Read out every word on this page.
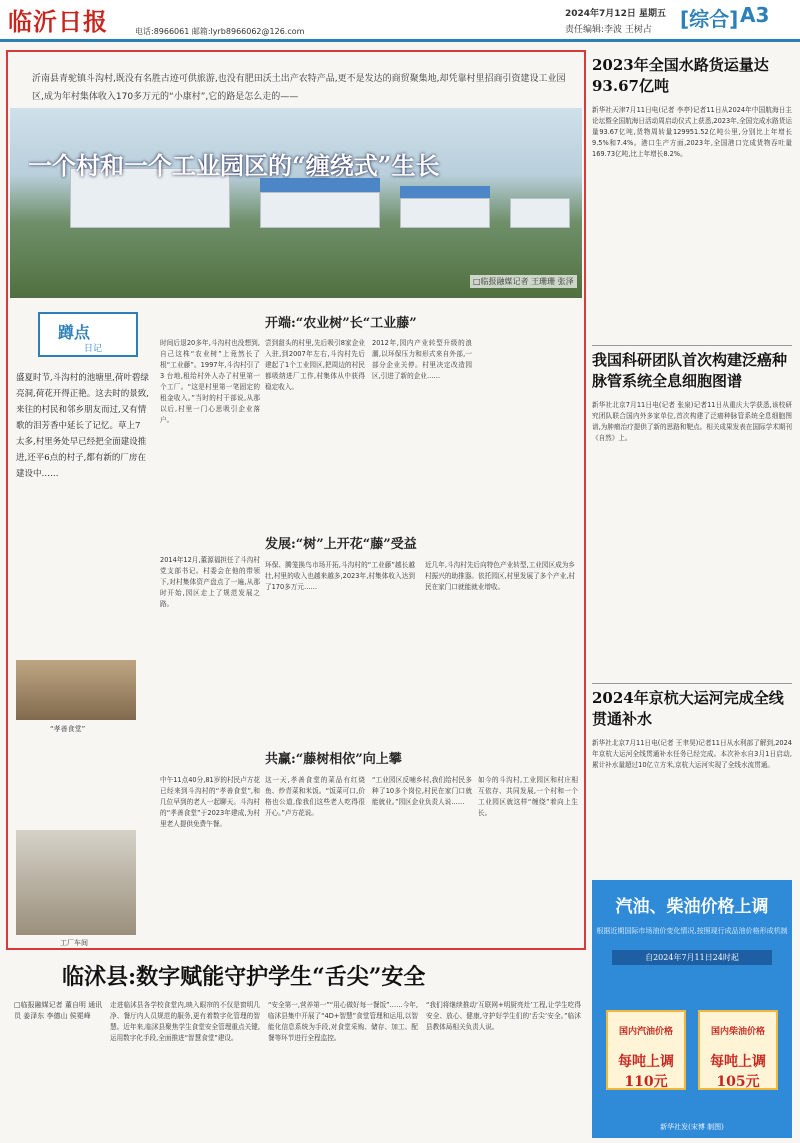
临沂日报	电话:8966061 邮箱:lyrb8966062@126.com
2024年7月12日 星期五
责任编辑:李波 王树占 [综合] A3
沂南县青驼镇斗沟村,既没有名胜古迹可供旅游,也没有肥田沃土出产农特产品,更不是发达的商贸聚集地,却凭靠村里招商引资建设工业园区,成为年村集体收入170多万元的“小康村”,它的路是怎么走的——
一个村和一个工业园区的“缠绕式”生长
□临报融媒记者 王珊珊 张泽
蹲点
日记
盛夏时节,斗沟村的池塘里,荷叶碧绿亮洞,荷花开得正艳。这去时的景致,来往的村民和邻乡朋友而过,又有情歌的泪芳香中延长了记忆。草上7 太多,村里务处早已经把全面建设推进,还平6点的村子,都有新的厂房在建设中……
开端:“农业树”长“工业藤”
发展:“树”上开花“藤”受益
共赢:“藤树相依”向上攀
时间后退20多年,斗沟村也没想到,自己这株“农业树”上竟然长了根“工业藤”。1997年,斗沟村引了3 台地,租给村外人办了村里第一个工厂。“这是村里第一笔固定的租金收入。”当时的村干部说,从那以后,村里一门心思吸引企业落户。
尝到甜头的村里,先后吸引8家企业入驻,到2007年左右,斗沟村先后建起了1个工业园区,把周边的村民都吸纳进厂工作,村集体从中获得稳定收入。
2012年,园内产业转型升级的浪潮,以环保压力和形式来自外部,一部分企业关停。村里决定改造园区,引进了新的企业……
2014年12月,董源福担任了斗沟村党支部书记。村委会在他的带领下,对村集体资产盘点了一遍,从那时开始,园区走上了规范发展之路。
环保、腾笼换鸟市场开拓,斗沟村的“工业藤”越长越壮,村里的收入也越来越多,2023年,村集体收入达到了170多万元……
近几年,斗沟村先后向特色产业转型,工业园区成为乡村振兴的助推器。依托园区,村里发展了多个产业,村民在家门口就能就业增收。
中午11点40分,81岁的村民卢方花已经来到斗沟村的“孝善食堂”,和几位早到的老人一起聊天。斗沟村的“孝善食堂”于2023年建成,为村里老人提供免费午餐。
这一天,孝善食堂的菜品有红烧鱼、炒青菜和米饭。“饭菜可口,价格也公道,像我们这些老人吃得很开心。”卢方花说。
“工业园区反哺乡村,我们给村民多种了10多个岗位,村民在家门口就能就业。”园区企业负责人说……
如今的斗沟村,工业园区和村庄相互依存、共同发展,一个村和一个工业园区就这样“缠绕”着向上生长。
“孝善食堂”
工厂车间
2023年全国水路货运量达93.67亿吨
新华社天津7月11日电(记者 李亭)记者11日从2024年中国航海日主论坛暨全国航海日活动周启动仪式上获悉,2023年,全国完成水路货运量93.67亿吨,货物周转量129951.52亿吨公里,分别比上年增长9.5%和7.4%。港口生产方面,2023年,全国港口完成货物吞吐量169.73亿吨,比上年增长8.2%。
我国科研团队首次构建泛癌种脉管系统全息细胞图谱
新华社北京7月11日电(记者 张泉)记者11日从重庆大学获悉,该校研究团队联合国内外多家单位,首次构建了泛癌种脉管系统全息细胞图谱,为肿瘤治疗提供了新的思路和靶点。相关成果发表在国际学术期刊《自然》上。
2024年京杭大运河完成全线贯通补水
新华社北京7月11日电(记者 王聿昊)记者11日从水利部了解到,2024年京杭大运河全线贯通补水任务已经完成。本次补水自3月1日启动,累计补水量超过10亿立方米,京杭大运河实现了全线水流贯通。
汽油、柴油价格上调
根据近期国际市场油价变化情况,按照现行成品油价格形成机制
自2024年7月11日24时起
国内汽油价格
每吨上调110元
国内柴油价格
每吨上调105元
新华社发(宋博 制图)
临沭县:数字赋能守护学生“舌尖”安全
□临报融媒记者 董自明 通讯员 姜泽东 李德山 侯冕峰
走进临沭县各学校食堂内,映入眼帘的不仅是窗明几净、餐厅内人员规范的服务,更有着数字化管理的智慧。近年来,临沭县聚焦学生食堂安全管理重点关键,运用数字化手段,全面推进“智慧食堂”建设。
“安全第一,营养第一”“用心做好每一餐饭”……今年,临沭县集中开展了“4D+智慧”食堂管理和运用,以智能化信息系统为手段,对食堂采购、储存、加工、配餐等环节进行全程监控。
“我们将继续推动‘互联网+明厨亮灶’工程,让学生吃得安全、放心、健康,守护好学生们的‘舌尖’安全。”临沭县教体局相关负责人说。
